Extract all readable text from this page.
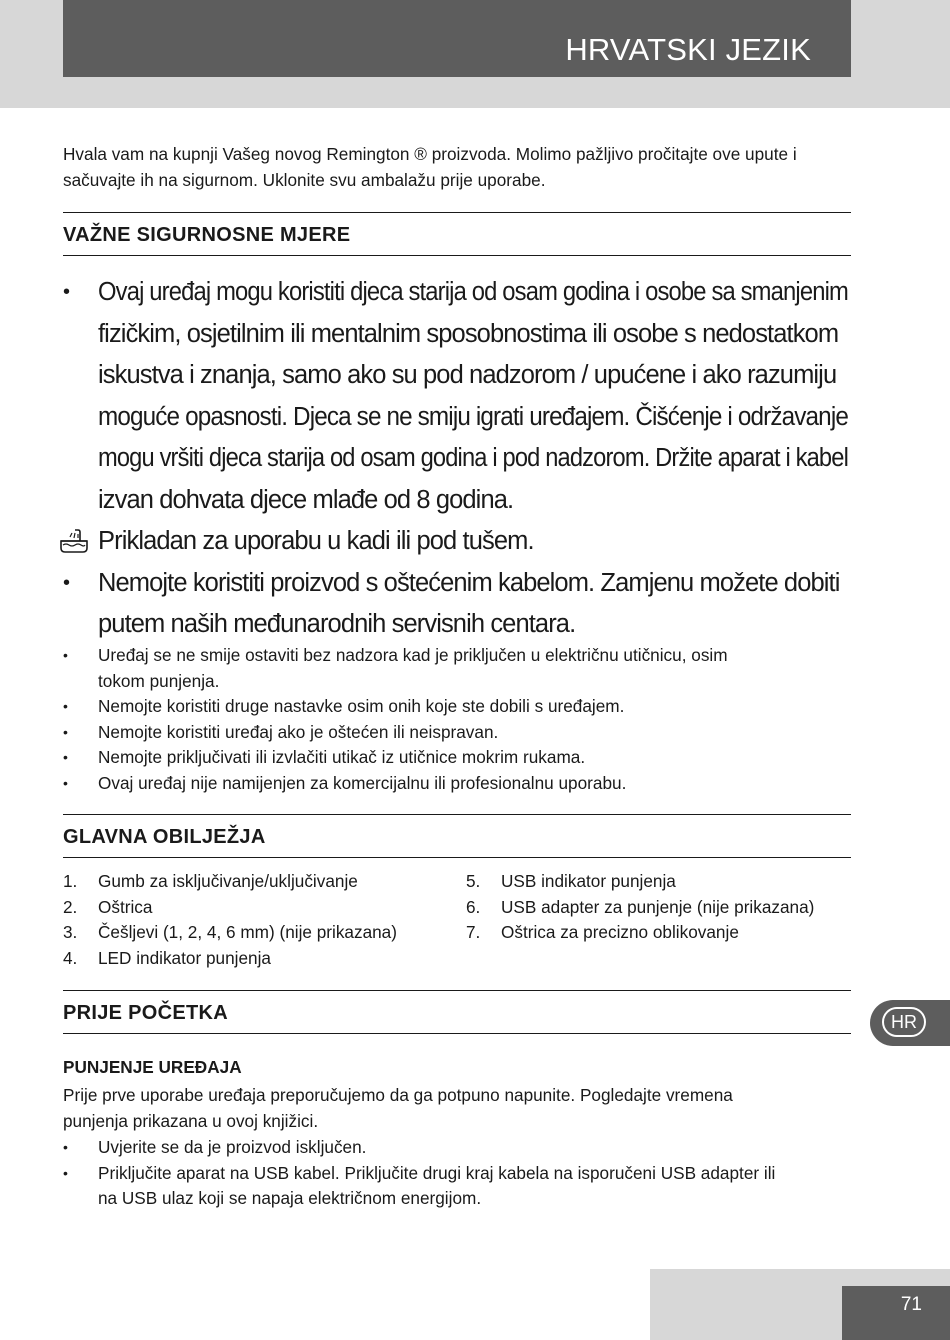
HRVATSKI JEZIK

Hvala vam na kupnji Vašeg novog Remington ® proizvoda. Molimo pažljivo pročitajte ove upute i sačuvajte ih na sigurnom. Uklonite svu ambalažu prije uporabe.

VAŽNE SIGURNOSNE MJERE
• Ovaj uređaj mogu koristiti djeca starija od osam godina i osobe sa smanjenim
fizičkim, osjetilnim ili mentalnim sposobnostima ili osobe s nedostatkom
iskustva i znanja, samo ako su pod nadzorom / upućene i ako razumiju
moguće opasnosti. Djeca se ne smiju igrati uređajem. Čišćenje i održavanje
mogu vršiti djeca starija od osam godina i pod nadzorom. Držite aparat i kabel
izvan dohvata djece mlađe od 8 godina.
Prikladan za uporabu u kadi ili pod tušem.
• Nemojte koristiti proizvod s oštećenim kabelom. Zamjenu možete dobiti
putem naših međunarodnih servisnih centara.
• Uređaj se ne smije ostaviti bez nadzora kad je priključen u električnu utičnicu, osim
tokom punjenja.
• Nemojte koristiti druge nastavke osim onih koje ste dobili s uređajem.
• Nemojte koristiti uređaj ako je oštećen ili neispravan.
• Nemojte priključivati ili izvlačiti utikač iz utičnice mokrim rukama.
• Ovaj uređaj nije namijenjen za komercijalnu ili profesionalnu uporabu.
GLAVNA OBILJEŽJA
1.	Gumb za isključivanje/uključivanje
2.	Oštrica
3.	Češljevi (1, 2, 4, 6 mm) (nije prikazana)
4.	LED indikator punjenja
5.	USB indikator punjenja
6.	USB adapter za punjenje (nije prikazana)
7.	Oštrica za precizno oblikovanje
PRIJE POČETKA
PUNJENJE UREĐAJA

Prije prve uporabe uređaja preporučujemo da ga potpuno napunite. Pogledajte vremena
punjenja prikazana u ovoj knjižici.

• Uvjerite se da je proizvod isključen.
• Priključite aparat na USB kabel. Priključite drugi kraj kabela na isporučeni USB adapter ili
na USB ulaz koji se napaja električnom energijom.
HR
71
